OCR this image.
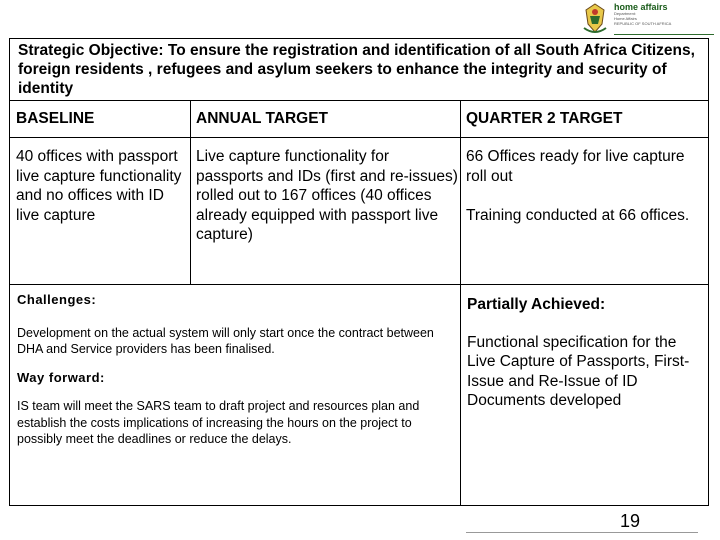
home affairs
Department:
Home Affairs
REPUBLIC OF SOUTH AFRICA
Strategic Objective: To ensure the registration and identification of all South Africa Citizens, foreign residents , refugees and asylum seekers to enhance the integrity and security of identity
BASELINE	ANNUAL TARGET	QUARTER 2 TARGET
40 offices with passport live capture functionality and no offices with ID live capture
Live capture functionality for passports and IDs (first and re-issues) rolled out to 167 offices (40 offices already equipped with passport live capture)
66 Offices ready for live capture roll out
Training conducted at 66 offices.
Challenges:

Development on the actual system will only start once the contract between DHA and Service providers has been finalised.

Way forward:

IS team will meet the SARS team to draft project and resources plan and establish the costs implications of increasing the hours on the project to possibly meet the deadlines or reduce the delays.

Partially Achieved:
Functional specification for the Live Capture of Passports, First-Issue and Re-Issue of ID Documents developed
19
